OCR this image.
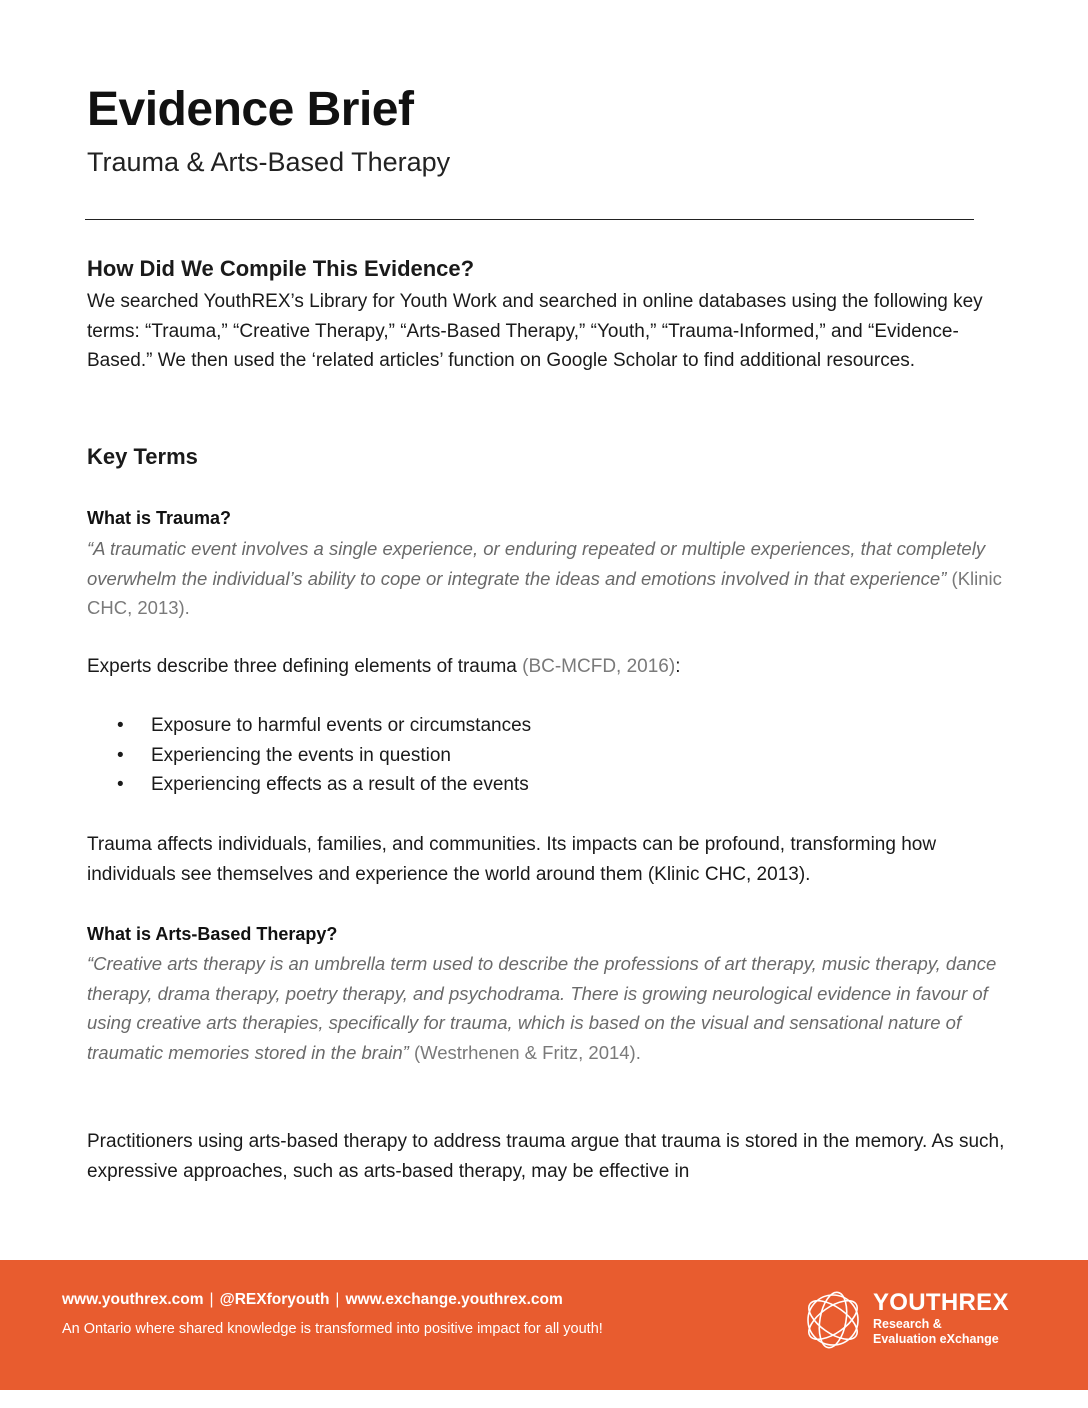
Evidence Brief

Trauma & Arts-Based Therapy

How Did We Compile This Evidence?

We searched YouthREX’s Library for Youth Work and searched in online databases using the following key terms: “Trauma,” “Creative Therapy,” “Arts-Based Therapy,” “Youth,” “Trauma-Informed,” and “Evidence-Based.” We then used the ‘related articles’ function on Google Scholar to find additional resources.

Key Terms
What is Trauma?

“A traumatic event involves a single experience, or enduring repeated or multiple experiences, that completely overwhelm the individual’s ability to cope or integrate the ideas and emotions involved in that experience” (Klinic CHC, 2013).

Experts describe three defining elements of trauma (BC-MCFD, 2016):

• Exposure to harmful events or circumstances
• Experiencing the events in question
• Experiencing effects as a result of the events

Trauma affects individuals, families, and communities. Its impacts can be profound, transforming how individuals see themselves and experience the world around them (Klinic CHC, 2013).

What is Arts-Based Therapy?

“Creative arts therapy is an umbrella term used to describe the professions of art therapy, music therapy, dance therapy, drama therapy, poetry therapy, and psychodrama. There is growing neurological evidence in favour of using creative arts therapies, specifically for trauma, which is based on the visual and sensational nature of traumatic memories stored in the brain” (Westrhenen & Fritz, 2014).

Practitioners using arts-based therapy to address trauma argue that trauma is stored in the memory. As such, expressive approaches, such as arts-based therapy, may be effective in

www.youthrex.com | @REXforyouth | www.exchange.youthrex.com
An Ontario where shared knowledge is transformed into positive impact for all youth!
YOUTHREX
Research &
Evaluation eXchange
